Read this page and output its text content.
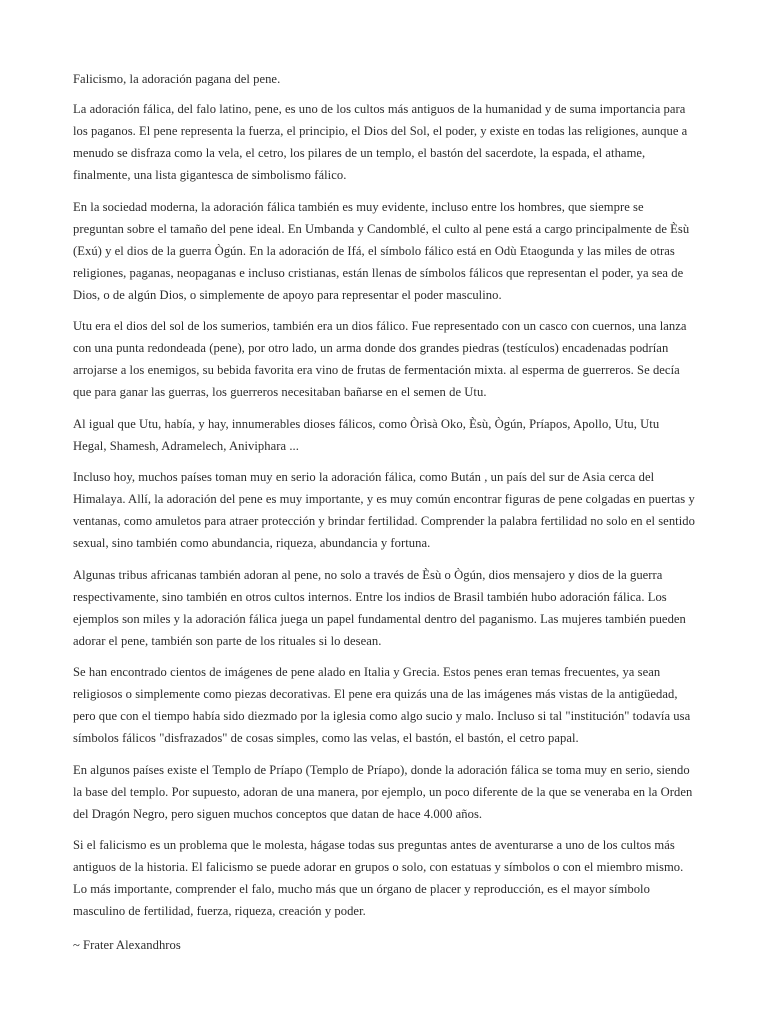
Falicismo, la adoración pagana del pene.

La adoración fálica, del falo latino, pene, es uno de los cultos más antiguos de la humanidad y de suma importancia para los paganos. El pene representa la fuerza, el principio, el Dios del Sol, el poder, y existe en todas las religiones, aunque a menudo se disfraza como la vela, el cetro, los pilares de un templo, el bastón del sacerdote, la espada, el athame, finalmente, una lista gigantesca de simbolismo fálico.

En la sociedad moderna, la adoración fálica también es muy evidente, incluso entre los hombres, que siempre se preguntan sobre el tamaño del pene ideal. En Umbanda y Candomblé, el culto al pene está a cargo principalmente de Èsù (Exú) y el dios de la guerra Ògún. En la adoración de Ifá, el símbolo fálico está en Odù Etaogunda y las miles de otras religiones, paganas, neopaganas e incluso cristianas, están llenas de símbolos fálicos que representan el poder, ya sea de Dios, o de algún Dios, o simplemente de apoyo para representar el poder masculino.

Utu era el dios del sol de los sumerios, también era un dios fálico. Fue representado con un casco con cuernos, una lanza con una punta redondeada (pene), por otro lado, un arma donde dos grandes piedras (testículos) encadenadas podrían arrojarse a los enemigos, su bebida favorita era vino de frutas de fermentación mixta. al esperma de guerreros. Se decía que para ganar las guerras, los guerreros necesitaban bañarse en el semen de Utu.

Al igual que Utu, había, y hay, innumerables dioses fálicos, como Òrìsà Oko, Èsù, Ògún, Príapos, Apollo, Utu, Utu Hegal, Shamesh, Adramelech, Aniviphara ...

Incluso hoy, muchos países toman muy en serio la adoración fálica, como Bután , un país del sur de Asia cerca del Himalaya. Allí, la adoración del pene es muy importante, y es muy común encontrar figuras de pene colgadas en puertas y ventanas, como amuletos para atraer protección y brindar fertilidad. Comprender la palabra fertilidad no solo en el sentido sexual, sino también como abundancia, riqueza, abundancia y fortuna.

Algunas tribus africanas también adoran al pene, no solo a través de Èsù o Ògún, dios mensajero y dios de la guerra respectivamente, sino también en otros cultos internos. Entre los indios de Brasil también hubo adoración fálica. Los ejemplos son miles y la adoración fálica juega un papel fundamental dentro del paganismo. Las mujeres también pueden adorar el pene, también son parte de los rituales si lo desean.

Se han encontrado cientos de imágenes de pene alado en Italia y Grecia. Estos penes eran temas frecuentes, ya sean religiosos o simplemente como piezas decorativas. El pene era quizás una de las imágenes más vistas de la antigüedad, pero que con el tiempo había sido diezmado por la iglesia como algo sucio y malo. Incluso si tal "institución" todavía usa símbolos fálicos "disfrazados" de cosas simples, como las velas, el bastón, el bastón, el cetro papal.

En algunos países existe el Templo de Príapo (Templo de Príapo), donde la adoración fálica se toma muy en serio, siendo la base del templo. Por supuesto, adoran de una manera, por ejemplo, un poco diferente de la que se veneraba en la Orden del Dragón Negro, pero siguen muchos conceptos que datan de hace 4.000 años.

Si el falicismo es un problema que le molesta, hágase todas sus preguntas antes de aventurarse a uno de los cultos más antiguos de la historia. El falicismo se puede adorar en grupos o solo, con estatuas y símbolos o con el miembro mismo. Lo más importante, comprender el falo, mucho más que un órgano de placer y reproducción, es el mayor símbolo masculino de fertilidad, fuerza, riqueza, creación y poder.

~ Frater Alexandhros
